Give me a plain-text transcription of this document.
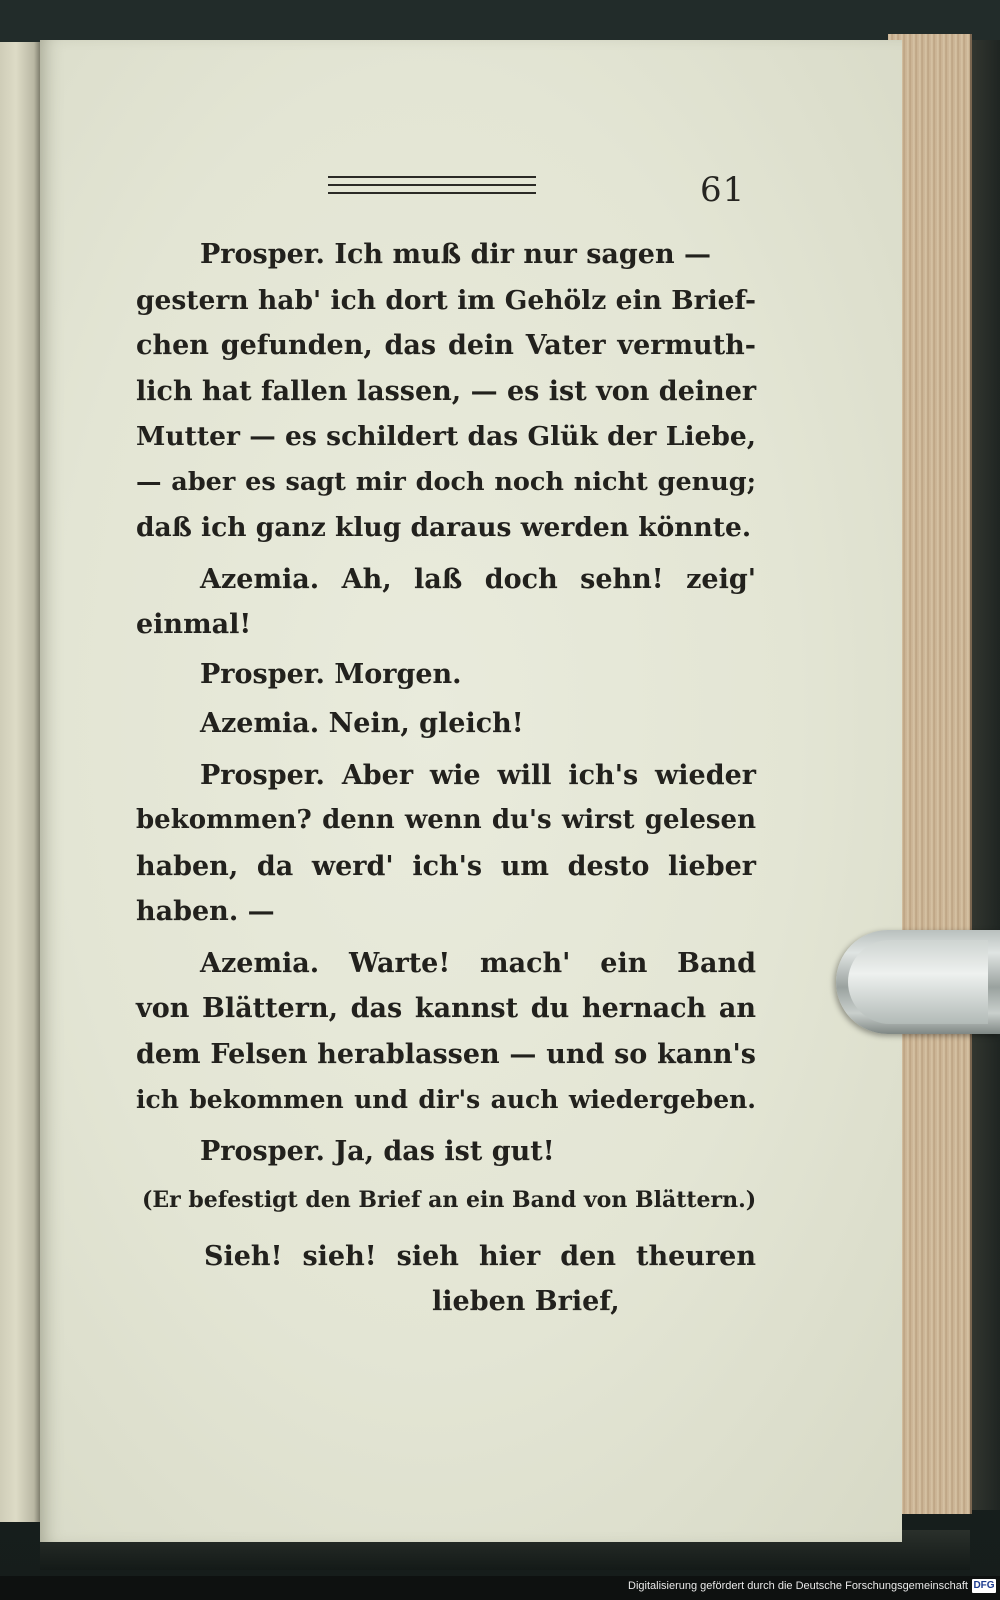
61
Prosper. Ich muß dir nur sagen —
gestern hab' ich dort im Gehölz ein Brief-
chen gefunden, das dein Vater vermuth-
lich hat fallen lassen, — es ist von deiner
Mutter — es schildert das Glük der Liebe,
— aber es sagt mir doch noch nicht genug;
daß ich ganz klug daraus werden könnte.
Azemia. Ah, laß doch sehn! zeig'
einmal!
Prosper. Morgen.
Azemia. Nein, gleich!
Prosper. Aber wie will ich's wieder
bekommen? denn wenn du's wirst gelesen
haben, da werd' ich's um desto lieber
haben. —
Azemia. Warte! mach' ein Band
von Blättern, das kannst du hernach an
dem Felsen herablassen — und so kann's
ich bekommen und dir's auch wiedergeben.
Prosper. Ja, das ist gut!
(Er befestigt den Brief an ein Band von Blättern.)
Sieh! sieh! sieh hier den theuren
lieben Brief,
Digitalisierung gefördert durch die Deutsche Forschungsgemeinschaft DFG
